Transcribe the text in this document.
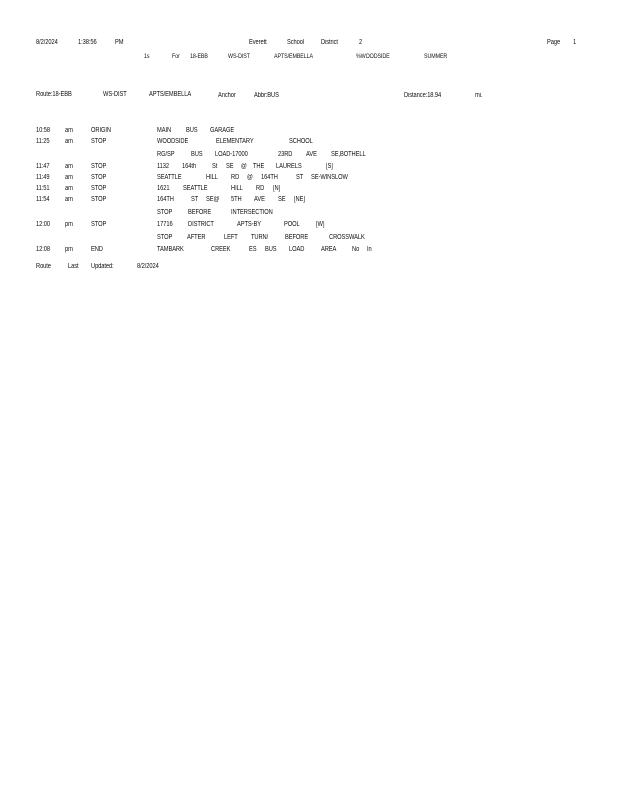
8/2/2024	1:38:56	PM	Everett	School District	2	Page 1
1s	For 18-EBB	WS-DIST	APTS/EMBELLA	%WOODSIDE	SUMMER
Route:18-EBB	WS-DIST	APTS/EMBELLA	Anchor	Abbr:BUS	Distance:18.94	mi.
10:58 am	ORIGIN	MAIN BUS GARAGE
11:25 am	STOP	WOODSIDE	ELEMENTARY	SCHOOL
RG/SP BUS LOAD-17000	23RD AVE SE,BOTHELL
11:47 am	STOP	1132 164th St SE @ THE LAURELS	[S]
11:49 am	STOP	SEATTLE	HILL RD @ 164TH	ST SE-WINSLOW
11:51 am	STOP	1621 SEATTLE	HILL RD [N]
11:54 am	STOP	164TH ST SE@ 5TH AVE SE [NE]
STOP BEFORE	INTERSECTION
12:00 pm	STOP	17716 DISTRICT	APTS-BY	POOL [W]
STOP AFTER	LEFT TURN/ BEFORE	CROSSWALK
12:08 pm	END	TAMBARK	CREEK	ES BUS LOAD AREA No In
Route Last Updated:	8/2/2024
